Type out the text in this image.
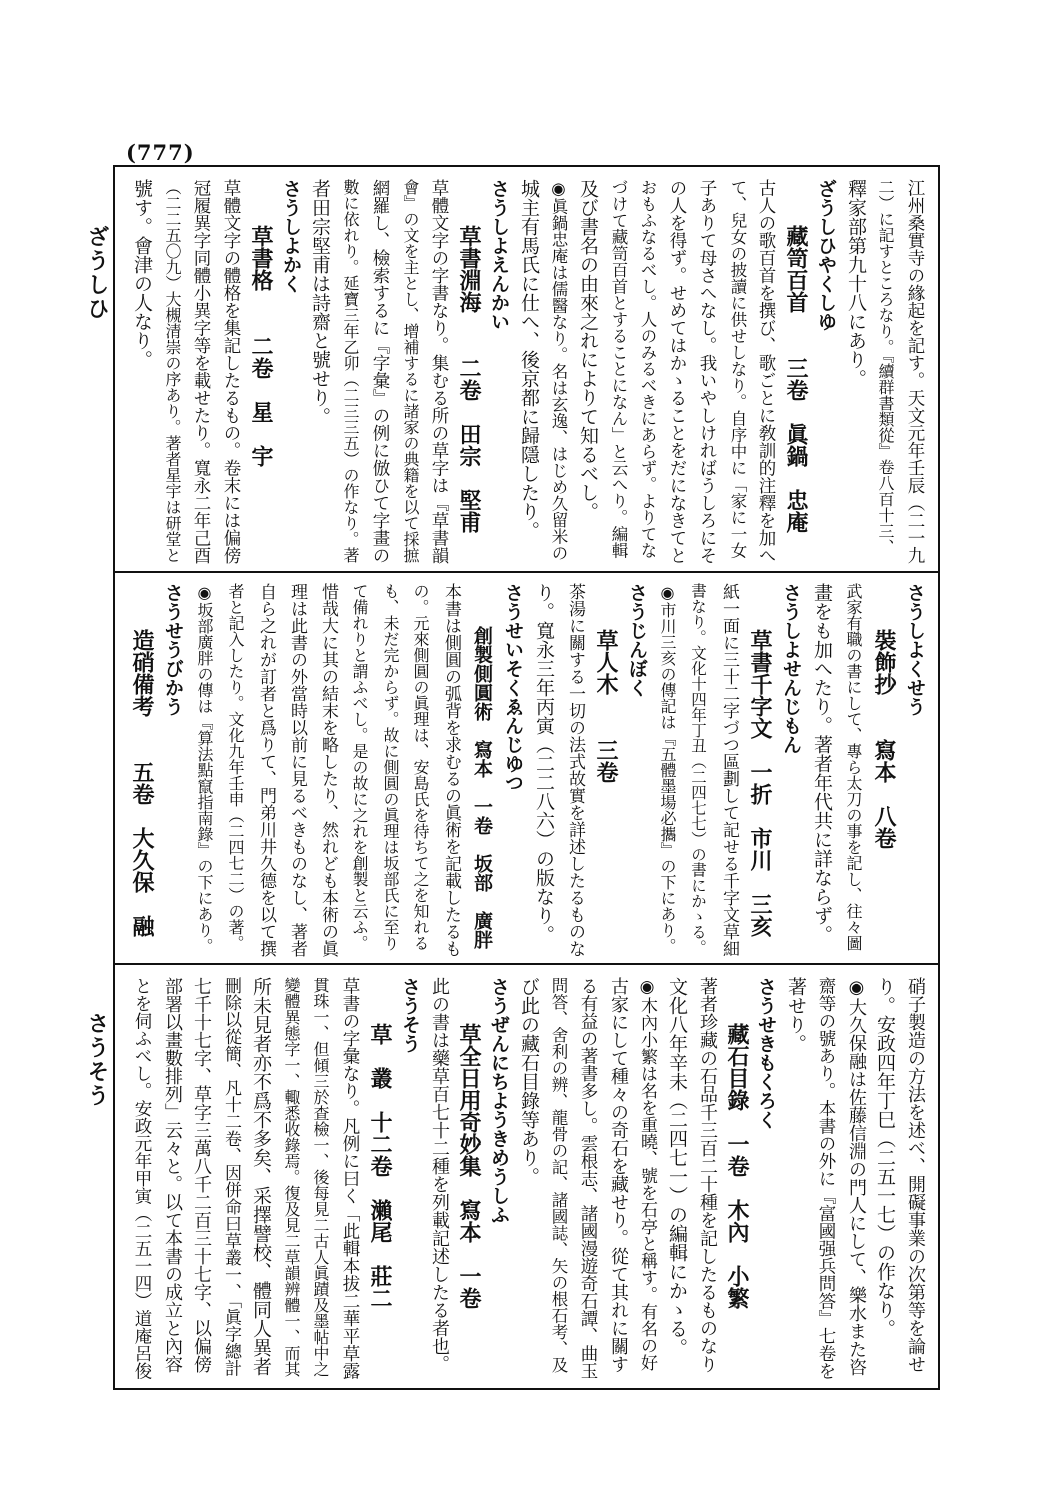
(777)
江州桑實寺の緣起を記す。天文元年壬辰（二一九
二）に記すところなり。『續群書類從』卷八百十三、
釋家部第九十八にあり。
ざうしひやくしゆ
　藏笥百首　　三卷　眞鍋　忠庵
古人の歌百首を撰び、歌ごとに敎訓的注釋を加へ
て、兒女の披讀に供せしなり。自序中に「家に一女
子ありて母さへなし。我いやしければうしろにそ
の人を得ず。せめてはかゝることをだになきてと
おもふなるべし。人のみるべきにあらず。よりてな
づけて藏笥百首とすることになん」と云へり。編輯
及び書名の由來之れによりて知るべし。
◉眞鍋忠庵は儒醫なり。名は玄逸、はじめ久留米の
城主有馬氏に仕へ、後京都に歸隱したり。
さうしよえんかい
　草書淵海　　二卷　田宗　堅甫
草體文字の字書なり。集むる所の草字は『草書韻
會』の文を主とし、增補するに諸家の典籍を以て採摭
網羅し、檢索するに『字彙』の例に倣ひて字畫の
數に依れり。延寶三年乙卯（二三三五）の作なり。著
者田宗堅甫は詩齋と號せり。
さうしよかく
　草書格　　二卷　星　宇
草體文字の體格を集記したるもの。卷末には偏傍
冠履異字同體小異字等を載せたり。寬永二年己酉
（二二五〇九）大槻清崇の序あり。著者星宇は研堂と
號す。會津の人なり。
さうしよくせう
　裝飾抄　　寫本　八卷
武家有職の書にして、專ら太刀の事を記し、往々圖
畫をも加へたり。著者年代共に詳ならず。
さうしよせんじもん
　草書千字文　一折　市川　三亥
紙一面に三十二字づつ區劃して記せる千字文草細
書なり。文化十四年丁丑（二四七七）の書にかゝる。
◉市川三亥の傳記は『五體墨場必攜』の下にあり。
さうじんぼく
　草人木　　三卷
茶湯に關する一切の法式故實を詳述したるものな
り。寬永三年丙寅（二二八六）の版なり。
さうせいそくゑんじゆつ
　創製側圓術　寫本　一卷　坂部　廣胖
本書は側圓の弧背を求むるの眞術を記載したるも
の。元來側圓の眞理は、安島氏を待ちて之を知れる
も、未だ完からず。故に側圓の眞理は坂部氏に至り
て備れりと謂ふべし。是の故に之れを創製と云ふ。
惜哉大に其の結末を略したり、然れども本術の眞
理は此書の外當時以前に見るべきものなし、著者
自ら之れが訂者と爲りて、門弟川井久德を以て撰
者と記入したり。文化九年壬申（二四七二）の著。
◉坂部廣胖の傳は『算法點竄指南錄』の下にあり。
さうせうびかう
　造硝備考　　五卷　大久保　融
硝子製造の方法を述べ、開礙事業の次第等を論せ
り。安政四年丁巳（二五一七）の作なり。
◉大久保融は佐藤信淵の門人にして、樂水また咨
齋等の號あり。本書の外に『富國强兵問答』七卷を
著せり。
さうせきもくろく
　藏石目錄　一卷　木內　小繁
著者珍藏の石品千三百二十種を記したるものなり
文化八年辛未（二四七一）の編輯にかゝる。
◉木內小繁は名を重曉、號を石亭と稱す。有名の好
古家にして種々の奇石を藏せり。從て其れに關す
る有益の著書多し。雲根志、諸國漫遊奇石譚、曲玉
問答、舍利の辨、龍骨の記、諸國誌、矢の根石考、及
び此の藏石目錄等あり。
さうぜんにちようきめうしふ
　草全日用奇妙集　寫本　一卷
此の書は藥草百七十二種を列載記述したる者也。
さうそう
　草　叢　十二卷　瀨尾　莊二
草書の字彙なり。凡例に曰く「此輯本拔二華平草露
貫珠一、但傾三於查檢一、後每見二古人眞蹟及墨帖中之
變體異態字一、輙悉收錄焉。復及見二草韻辨體一、而其
所未見者亦不爲不多矣、采擇譬校、體同人異者
刪除以從簡、凡十二卷、因併命曰草叢一、「眞字總計
七千十七字、草字三萬八千二百三十七字、以偏傍
部署以畫數排列」云々と。以て本書の成立と內容
とを伺ふべし。安政元年甲寅（二五一四）道庵呂俊
ざうしひ
さうそう
